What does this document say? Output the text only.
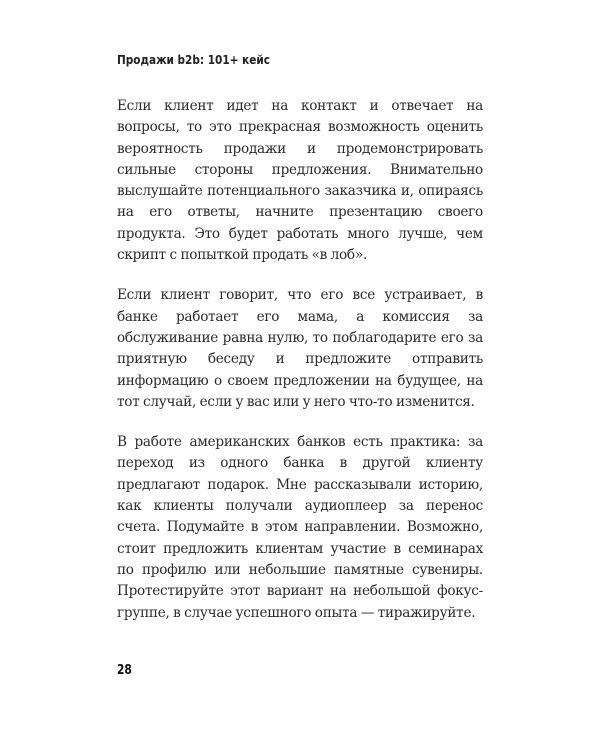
Продажи b2b: 101+ кейс

Если клиент идет на контакт и отвечает на вопросы, то это прекрасная возможность оценить вероятность продажи и продемонстрировать сильные стороны предложения. Внимательно выслушайте потенциального заказчика и, опираясь на его ответы, начните презентацию своего продукта. Это будет работать много лучше, чем скрипт с попыткой продать «в лоб».

Если клиент говорит, что его все устраивает, в банке работает его мама, а комиссия за обслуживание равна нулю, то поблагодарите его за приятную беседу и предложите отправить информацию о своем предложении на будущее, на тот случай, если у вас или у него что-то изменится.

В работе американских банков есть практика: за переход из одного банка в другой клиенту предлагают подарок. Мне рассказывали историю, как клиенты получали аудиоплеер за перенос счета. Подумайте в этом направлении. Возможно, стоит предложить клиентам участие в семинарах по профилю или небольшие памятные сувениры. Протестируйте этот вариант на небольшой фокус-группе, в случае успешного опыта — тиражируйте.

28
